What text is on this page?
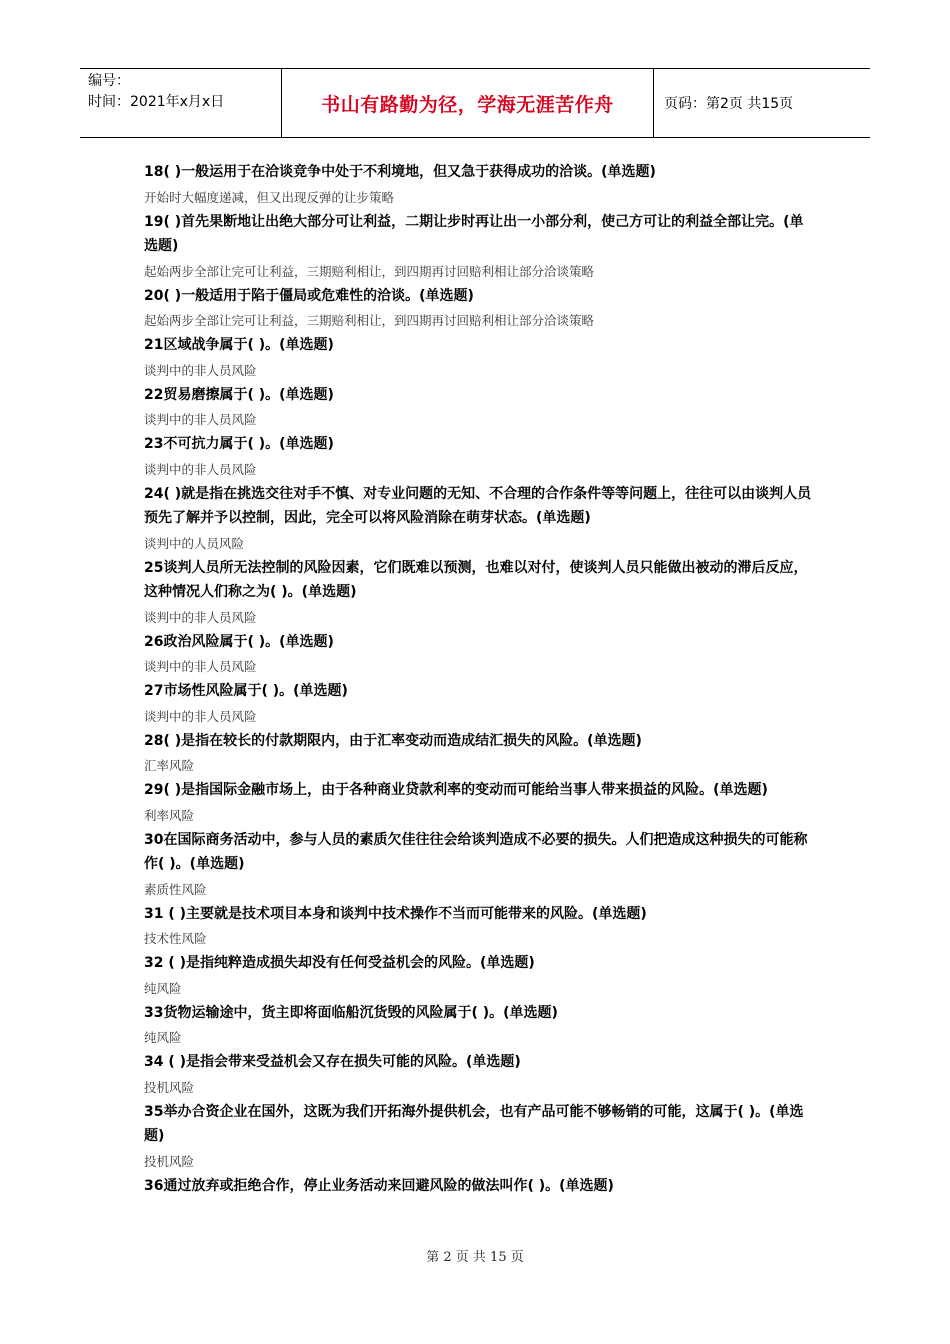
编号：
时间：2021年x月x日	书山有路勤为径，学海无涯苦作舟	页码：第2页 共15页

18( )一般运用于在洽谈竞争中处于不利境地，但又急于获得成功的洽谈。(单选题)

开始时大幅度递减，但又出现反弹的让步策略

19( )首先果断地让出绝大部分可让利益，二期让步时再让出一小部分利，使己方可让的利益全部让完。(单选题)

起始两步全部让完可让利益，三期赔利相让，到四期再讨回赔利相让部分洽谈策略

20( )一般适用于陷于僵局或危难性的洽谈。(单选题)

起始两步全部让完可让利益，三期赔利相让，到四期再讨回赔利相让部分洽谈策略

21区域战争属于( )。(单选题)

谈判中的非人员风险

22贸易磨擦属于( )。(单选题)

谈判中的非人员风险

23不可抗力属于( )。(单选题)

谈判中的非人员风险

24( )就是指在挑选交往对手不慎、对专业问题的无知、不合理的合作条件等等问题上，往往可以由谈判人员预先了解并予以控制，因此，完全可以将风险消除在萌芽状态。(单选题)

谈判中的人员风险

25谈判人员所无法控制的风险因素，它们既难以预测，也难以对付，使谈判人员只能做出被动的滞后反应，这种情况人们称之为( )。(单选题)

谈判中的非人员风险

26政治风险属于( )。(单选题)

谈判中的非人员风险

27市场性风险属于( )。(单选题)

谈判中的非人员风险

28( )是指在较长的付款期限内，由于汇率变动而造成结汇损失的风险。(单选题)

汇率风险

29( )是指国际金融市场上，由于各种商业贷款利率的变动而可能给当事人带来损益的风险。(单选题)

利率风险

30在国际商务活动中，参与人员的素质欠佳往往会给谈判造成不必要的损失。人们把造成这种损失的可能称作( )。(单选题)

素质性风险

31 ( )主要就是技术项目本身和谈判中技术操作不当而可能带来的风险。(单选题)

技术性风险

32 ( )是指纯粹造成损失却没有任何受益机会的风险。(单选题)

纯风险

33货物运输途中，货主即将面临船沉货毁的风险属于( )。(单选题)

纯风险

34 ( )是指会带来受益机会又存在损失可能的风险。(单选题)

投机风险

35举办合资企业在国外，这既为我们开拓海外提供机会，也有产品可能不够畅销的可能，这属于( )。(单选题)

投机风险

36通过放弃或拒绝合作，停止业务活动来回避风险的做法叫作( )。(单选题)

第 2 页 共 15 页
